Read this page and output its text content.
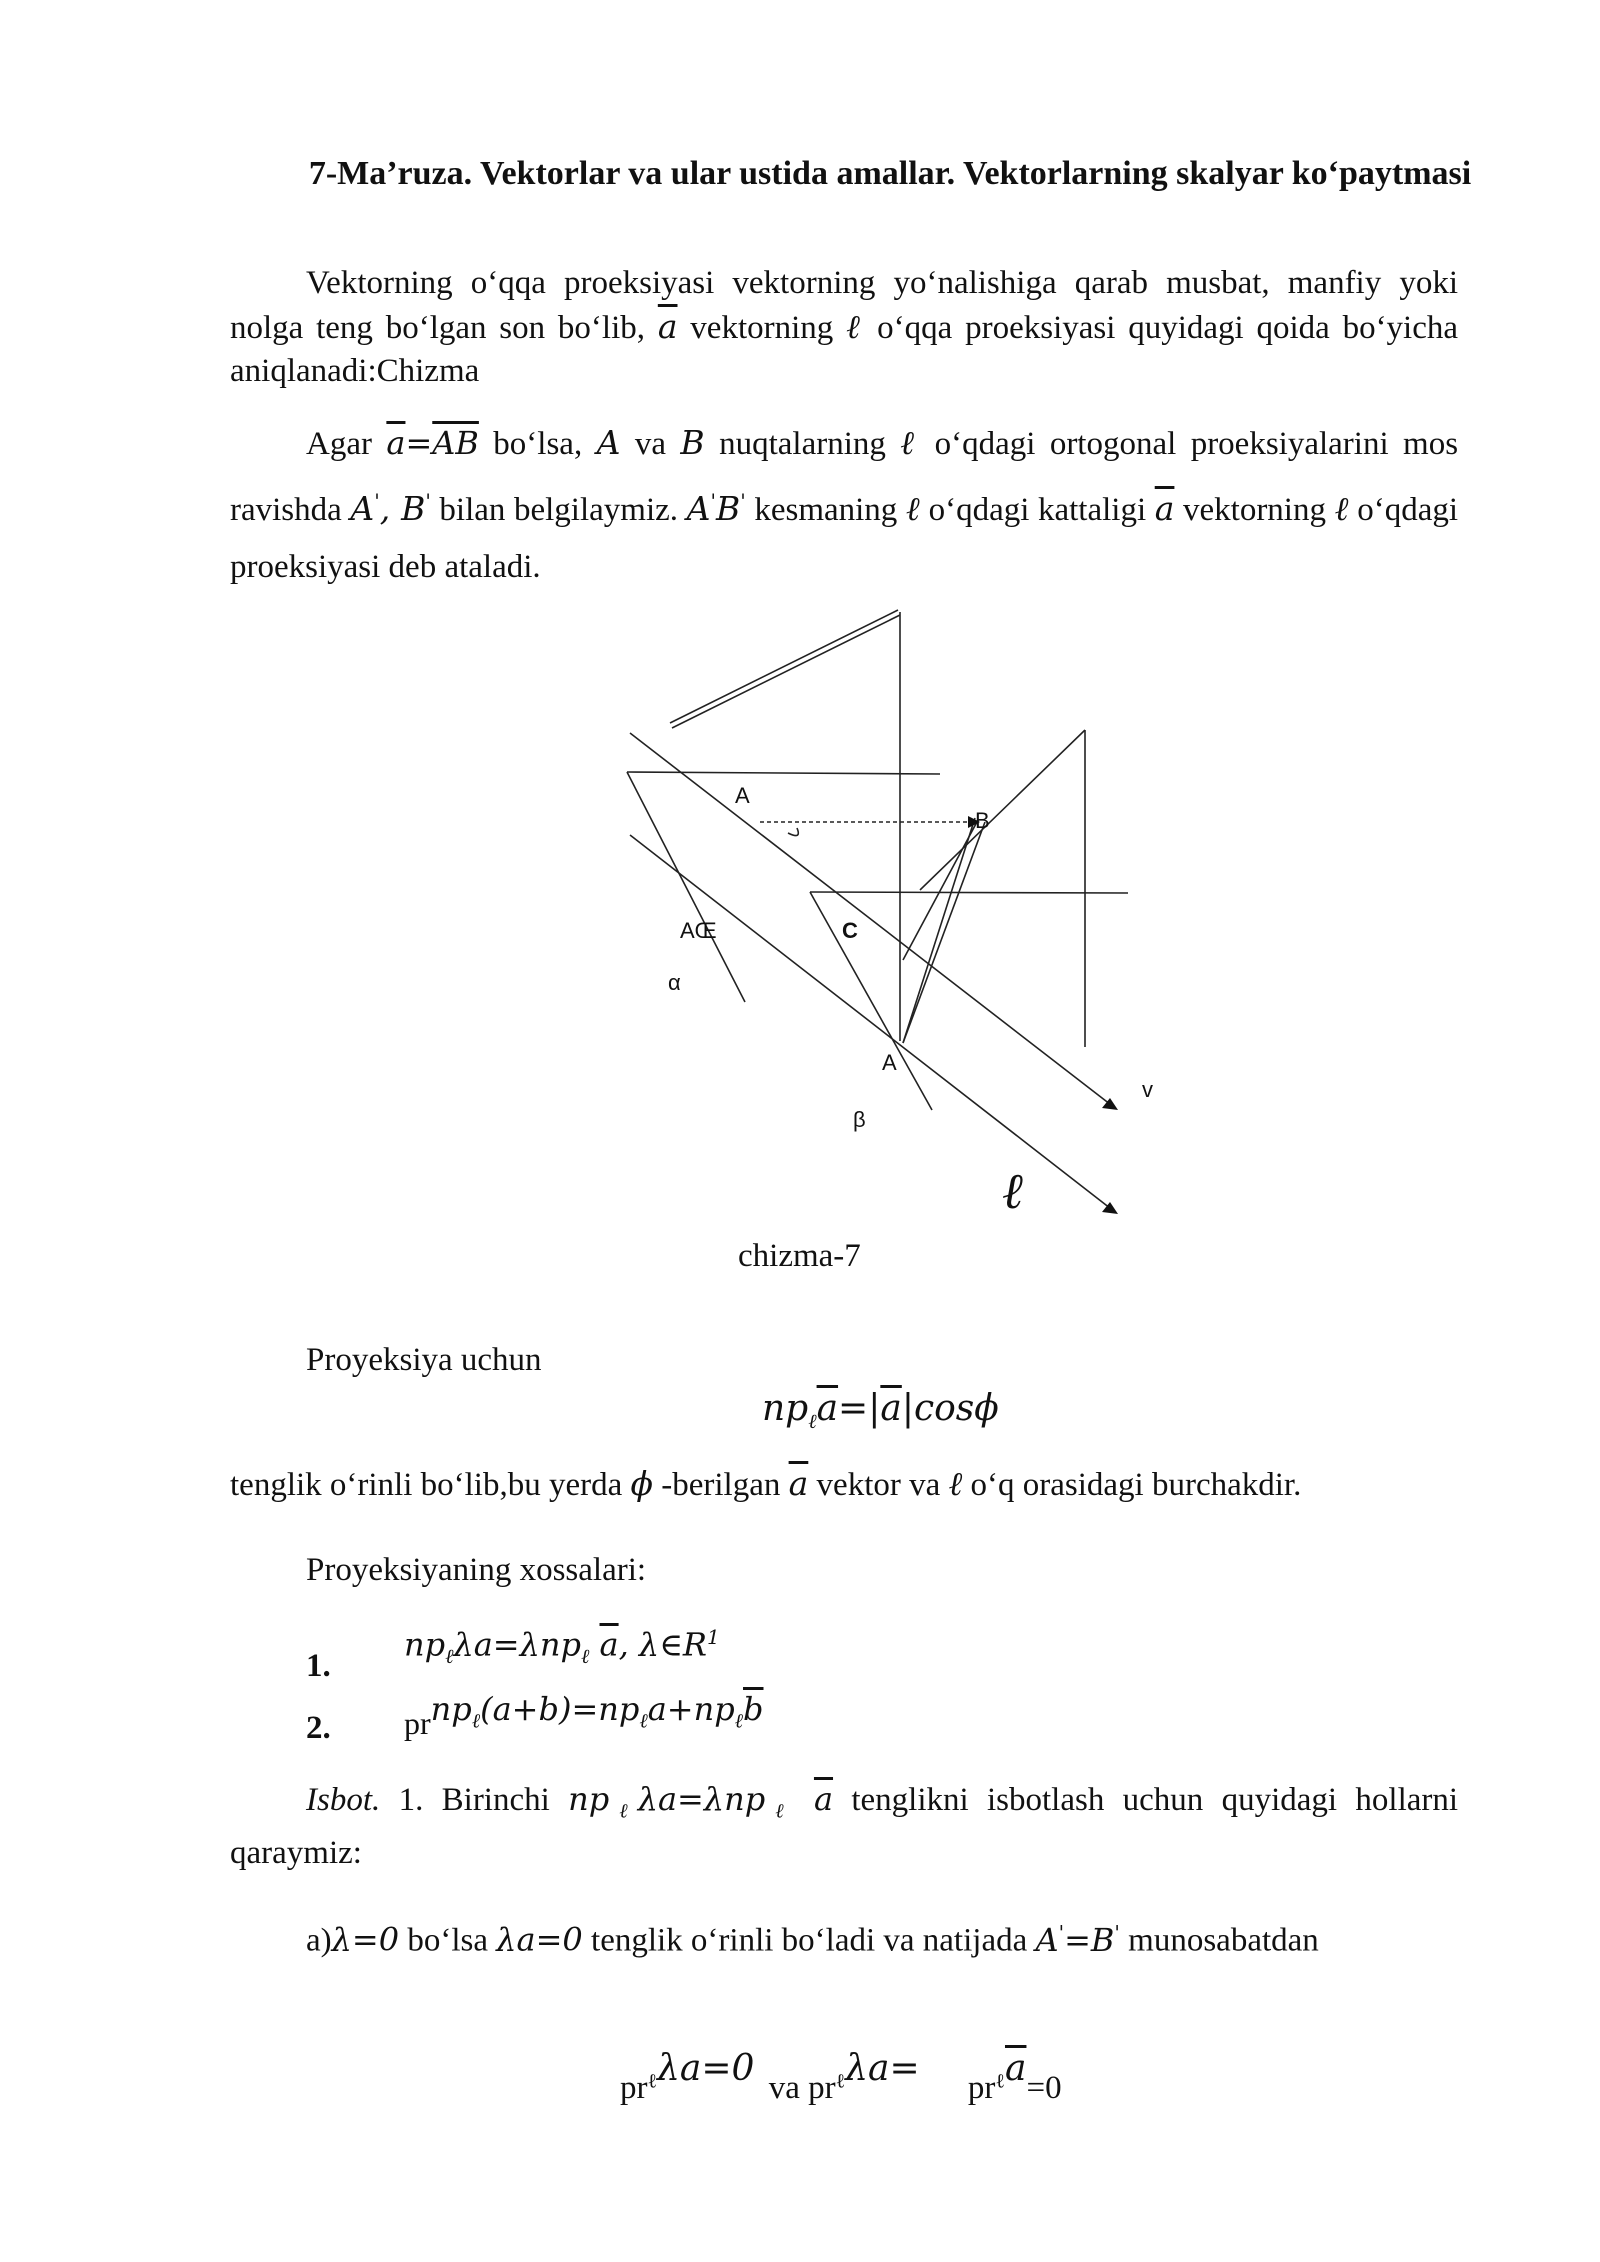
7-Ma’ruza. Vektorlar va ular ustida amallar. Vektorlarning skalyar ko‘paytmasi
Vektorning o‘qqa proeksiyasi vektorning yo‘nalishiga qarab musbat, manfiy yoki nolga teng bo‘lgan son bo‘lib, $\overline{a}$ vektorning ℓ o‘qqa proeksiyasi quyidagi qoida bo‘yicha aniqlanadi:Chizma
Agar $\overline{a}=\overline{AB}$ bo‘lsa, A va B nuqtalarning ℓ o‘qdagi ortogonal proeksiyalarini mos ravishda A', B' bilan belgilaymiz. A'B' kesmaning ℓ o‘qdagi kattaligi $\overline{a}$ vektorning ℓ o‘qdagi proeksiyasi deb ataladi.
A
B
AŒ	C
α
A
v
β
ℓ
chizma-7
Proyeksiya uchun
$np_\ell\overline{a}=|\overline{a}|\cos\phi$
tenglik o‘rinli bo‘lib,bu yerda ϕ -berilgan $\overline{a}$ vektor va ℓ o‘q orasidagi burchakdir.
Proyeksiyaning xossalari:
1.
$np_\ell\lambda a=\lambda np_\ell$ $\overline{a}$, $\lambda\in R^1$
2. $prnp_\ell(a+b)=np_\ell a+np_\ell\overline{b}$
Isbot. 1. Birinchi $np_\ell\lambda a=\lambda np_\ell$ $\overline{a}$ tenglikni isbotlash uchun quyidagi hollarni qaraymiz:
a)λ=0 bo‘lsa λa=0 tenglik o‘rinli bo‘ladi va natijada A'=B' munosabatdan
$pr_\ell\lambda a=0$ va $pr_\ell\lambda a= pr_\ell\overline{a}=0$
